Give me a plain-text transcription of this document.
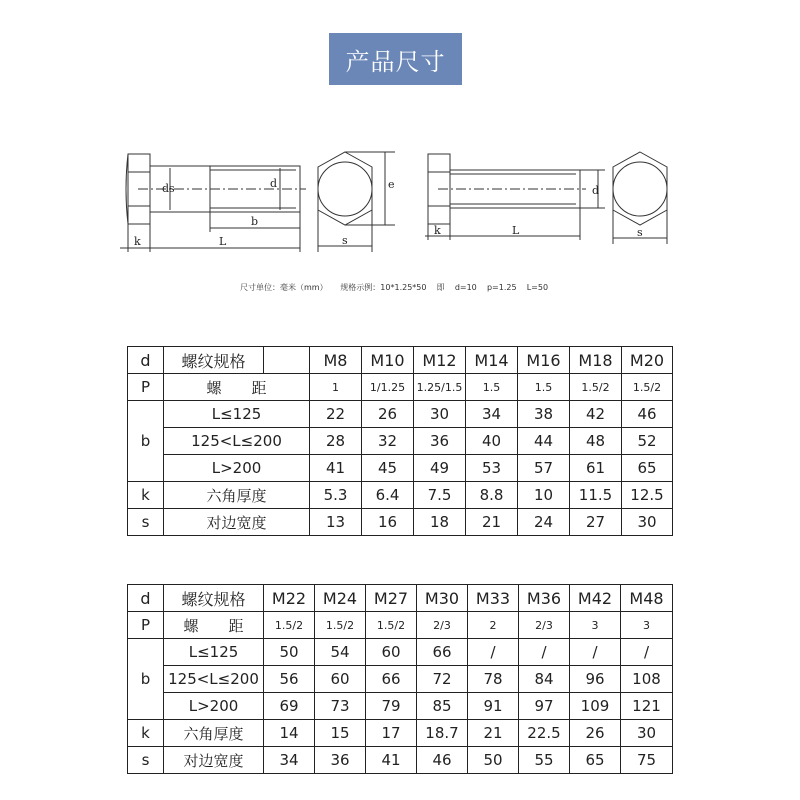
产品尺寸
ds	d
b
L
k
e
s
d
k	L	s
尺寸单位：毫米（mm）     规格示例：10*1.25*50    即    d=10    p=1.25    L=50
d	螺纹规格		M8	M10	M12	M14	M16	M18	M20
P	螺　　距		1	1/1.25	1.25/1.5	1.5	1.5	1.5/2	1.5/2
b	L≤125		22	26	30	34	38	42	46
	125<L≤200		28	32	36	40	44	48	52
	L>200		41	45	49	53	57	61	65
k	六角厚度		5.3	6.4	7.5	8.8	10	11.5	12.5
s	对边宽度		13	16	18	21	24	27	30
d	螺纹规格	M22	M24	M27	M30	M33	M36	M42	M48
P	螺　　距	1.5/2	1.5/2	1.5/2	2/3	2	2/3	3	3
b	L≤125	50	54	60	66	/	/	/	/
	125<L≤200	56	60	66	72	78	84	96	108
	L>200	69	73	79	85	91	97	109	121
k	六角厚度	14	15	17	18.7	21	22.5	26	30
s	对边宽度	34	36	41	46	50	55	65	75
